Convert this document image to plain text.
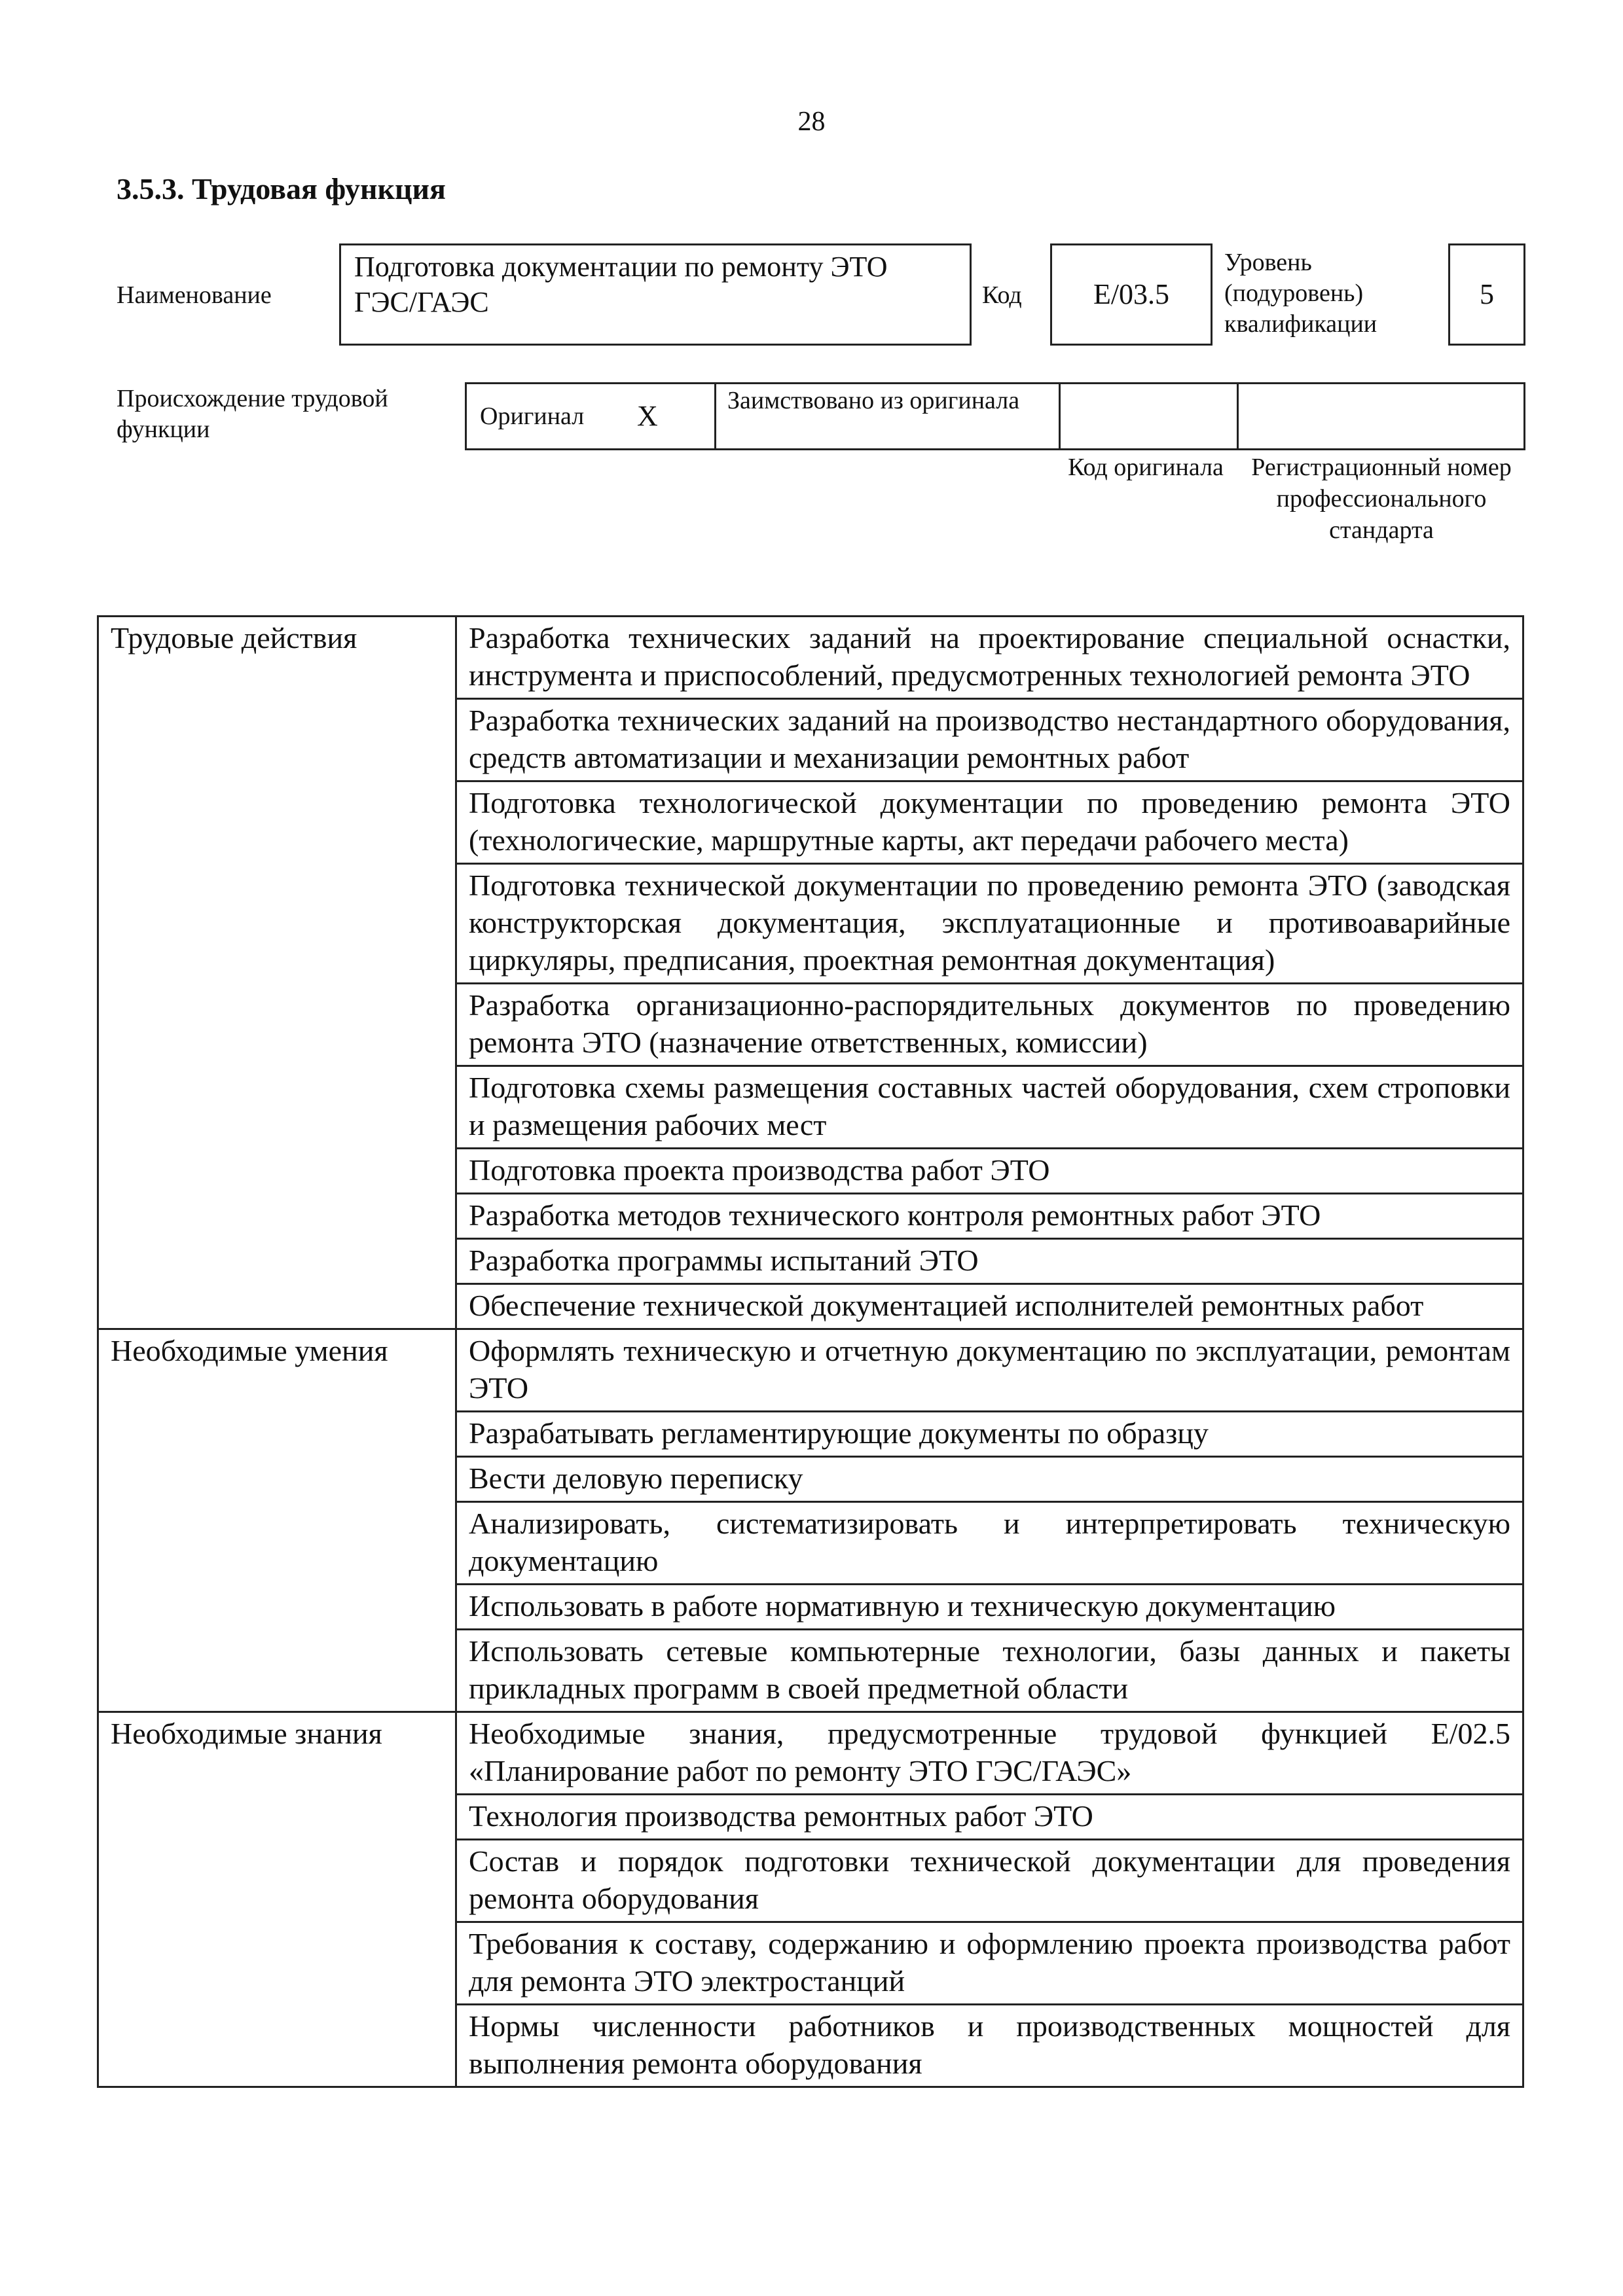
28
3.5.3. Трудовая функция
Наименование
Подготовка документации по ремонту ЭТО ГЭС/ГАЭС	Код E/03.5
Уровень (подуровень) квалификации
5
Происхождение трудовой функции	Оригинал	X	Заимствовано из оригинала
Код оригинала	Регистрационный номер профессионального стандарта
Трудовые действия	Разработка технических заданий на проектирование специальной оснастки, инструмента и приспособлений, предусмотренных технологией ремонта ЭТО
	Разработка технических заданий на производство нестандартного оборудования, средств автоматизации и механизации ремонтных работ
	Подготовка технологической документации по проведению ремонта ЭТО (технологические, маршрутные карты, акт передачи рабочего места)
	Подготовка технической документации по проведению ремонта ЭТО (заводская конструкторская документация, эксплуатационные и противоаварийные циркуляры, предписания, проектная ремонтная документация)
	Разработка организационно-распорядительных документов по проведению ремонта ЭТО (назначение ответственных, комиссии)
	Подготовка схемы размещения составных частей оборудования, схем строповки и размещения рабочих мест
	Подготовка проекта производства работ ЭТО
	Разработка методов технического контроля ремонтных работ ЭТО
	Разработка программы испытаний ЭТО
	Обеспечение технической документацией исполнителей ремонтных работ
Необходимые умения	Оформлять техническую и отчетную документацию по эксплуатации, ремонтам ЭТО
	Разрабатывать регламентирующие документы по образцу
	Вести деловую переписку
	Анализировать, систематизировать и интерпретировать техническую документацию
	Использовать в работе нормативную и техническую документацию
	Использовать сетевые компьютерные технологии, базы данных и пакеты прикладных программ в своей предметной области
Необходимые знания	Необходимые знания, предусмотренные трудовой функцией E/02.5 «Планирование работ по ремонту ЭТО ГЭС/ГАЭС»
	Технология производства ремонтных работ ЭТО
	Состав и порядок подготовки технической документации для проведения ремонта оборудования
	Требования к составу, содержанию и оформлению проекта производства работ для ремонта ЭТО электростанций
	Нормы численности работников и производственных мощностей для выполнения ремонта оборудования
